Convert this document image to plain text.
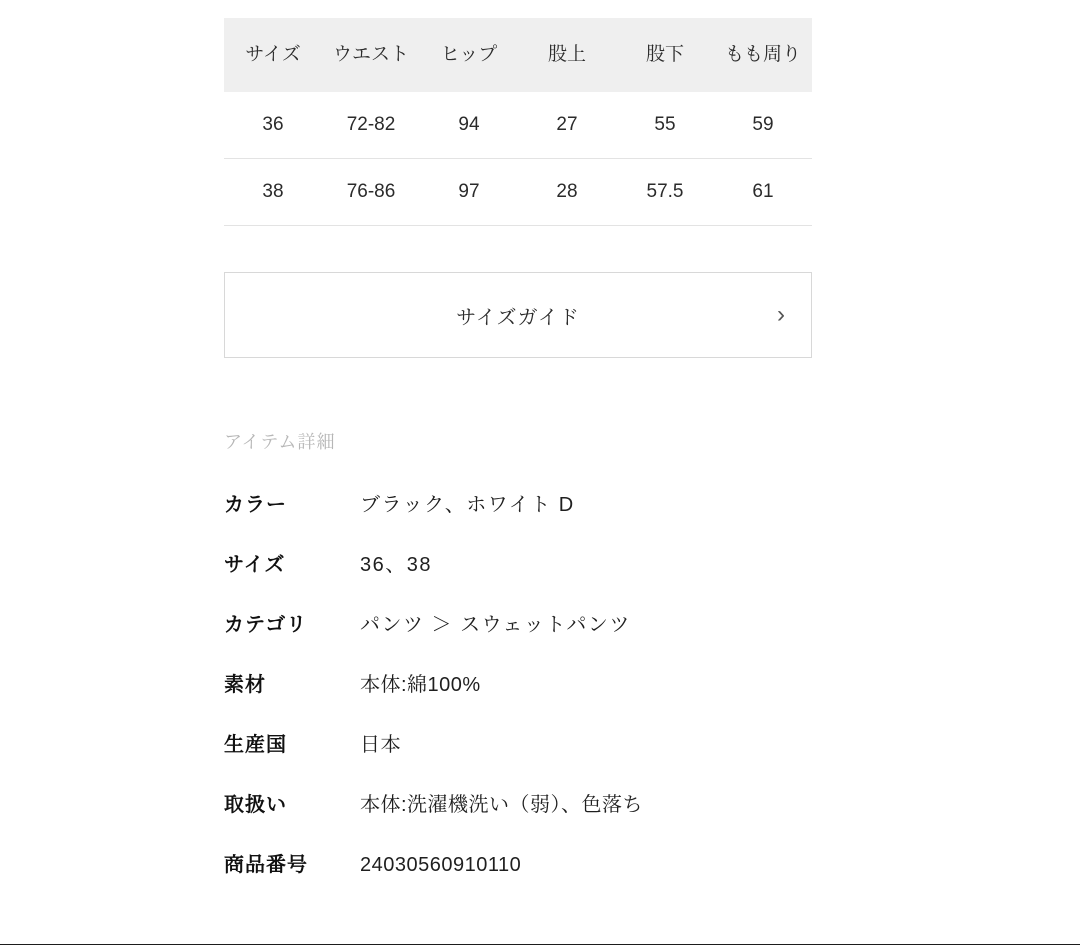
サイズ	ウエスト	ヒップ	股上	股下	もも周り
36	72-82	94	27	55	59
38	76-86	97	28	57.5	61
サイズガイド	›
アイテム詳細
カラー	ブラック、ホワイト D
サイズ	36、38
カテゴリ	パンツ ＞ スウェットパンツ
素材	本体:綿100%
生産国	日本
取扱い	本体:洗濯機洗い（弱）、色落ち
商品番号	24030560910110
